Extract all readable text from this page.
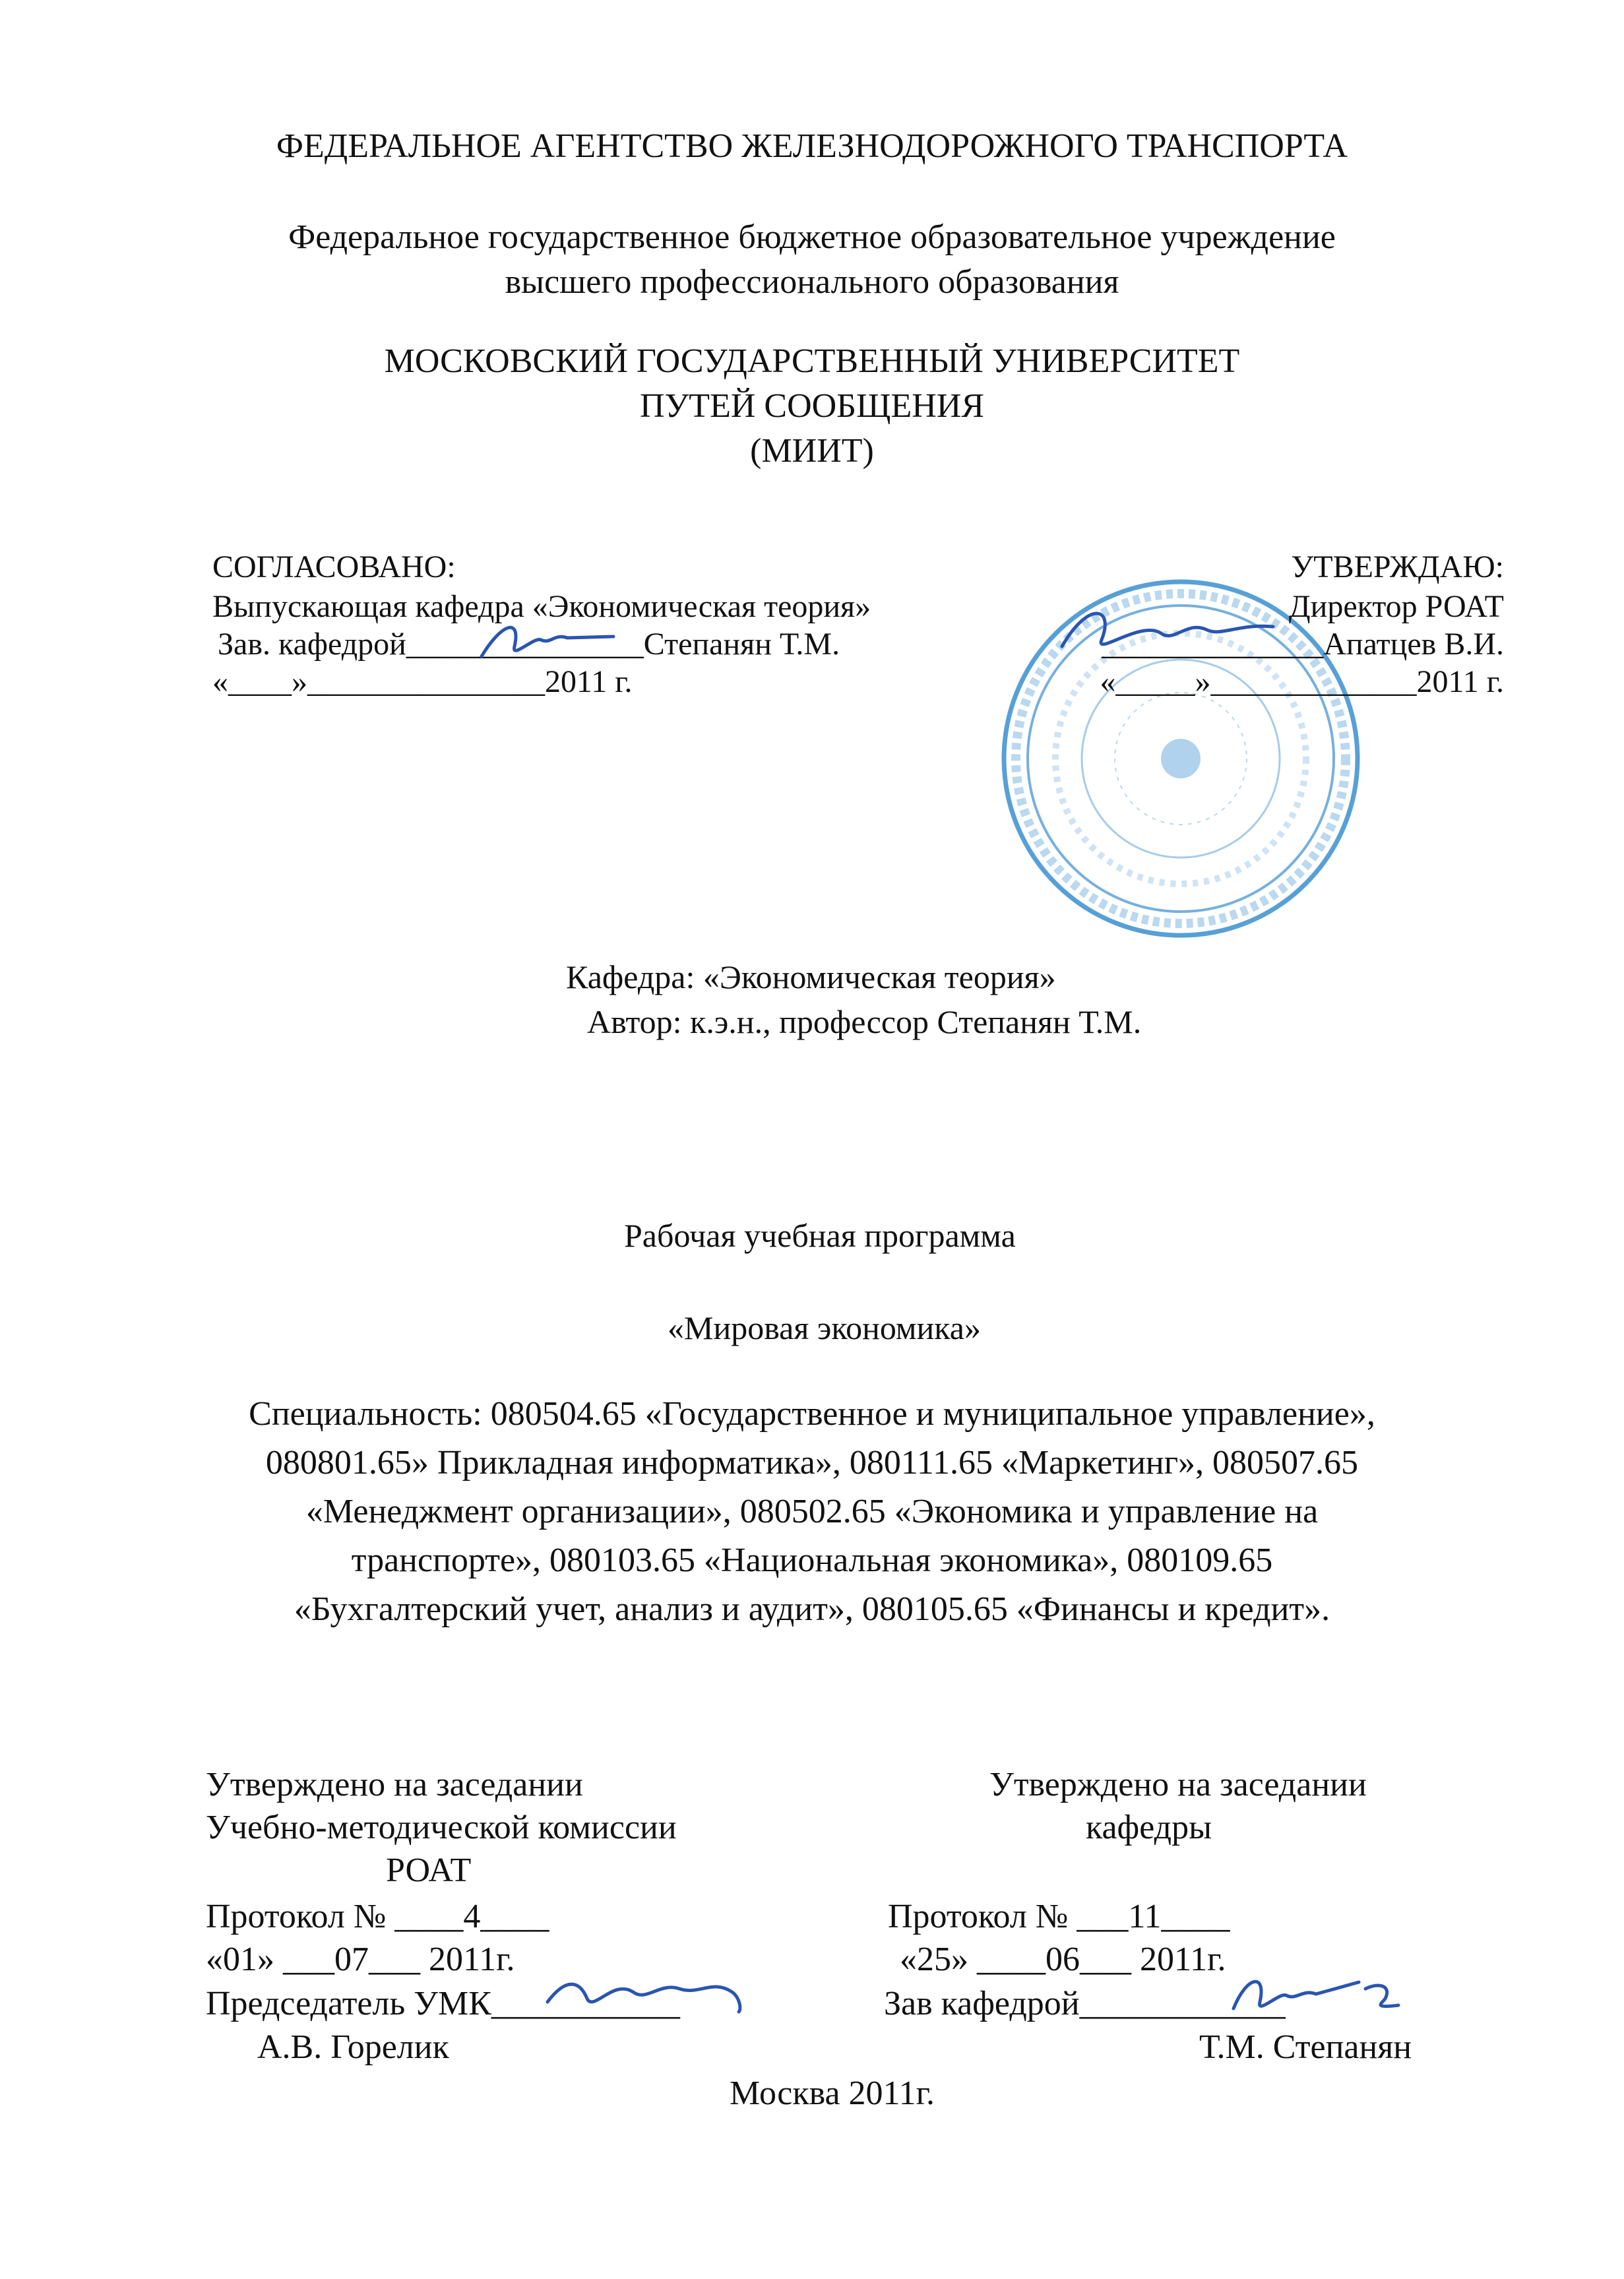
ФЕДЕРАЛЬНОЕ АГЕНТСТВО ЖЕЛЕЗНОДОРОЖНОГО ТРАНСПОРТА
Федеральное государственное бюджетное образовательное учреждение
высшего профессионального образования
МОСКОВСКИЙ ГОСУДАРСТВЕННЫЙ УНИВЕРСИТЕТ
ПУТЕЙ СООБЩЕНИЯ
(МИИТ)
СОГЛАСОВАНО:
Выпускающая кафедра «Экономическая теория»
Зав. кафедрой_______________Степанян Т.М.
«____»_______________2011 г.
УТВЕРЖДАЮ:
Директор РОАТ
______________Апатцев В.И.
«_____»_____________2011 г.
Кафедра: «Экономическая теория»
Автор: к.э.н., профессор Степанян Т.М.
Рабочая учебная программа
«Мировая экономика»
Специальность: 080504.65 «Государственное и муниципальное управление»,
080801.65» Прикладная информатика», 080111.65 «Маркетинг», 080507.65
«Менеджмент организации», 080502.65 «Экономика и управление на
транспорте», 080103.65 «Национальная экономика», 080109.65
«Бухгалтерский учет, анализ и аудит», 080105.65 «Финансы и кредит».
Утверждено на заседании
Учебно-методической комиссии
РОАТ
Протокол № ____4____
«01» ___07___ 2011г.
Председатель УМК___________
А.В. Горелик
Утверждено на заседании
кафедры
Протокол № ___11____
«25» ____06___ 2011г.
Зав кафедрой____________
Т.М. Степанян
Москва 2011г.
